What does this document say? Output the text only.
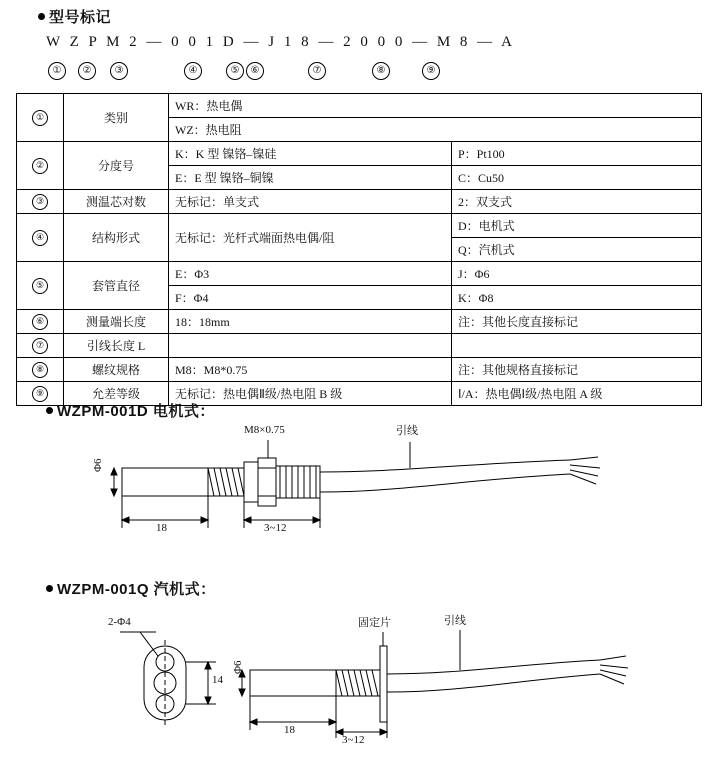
型号标记
W Z P M 2 — 0 0 1 D — J 1 8 — 2 0 0 0 — M 8 — A
①	②	③	④	⑤	⑥	⑦	⑧	⑨
①	类别	WR：热电偶	
		WZ：热电阻	
②	分度号	K：K 型 镍铬–镍硅	P：Pt100
		E：E 型 镍铬–铜镍	C：Cu50
③	测温芯对数	无标记：单支式	2：双支式
④	结构形式	无标记：光杆式端面热电偶/阻	D：电机式
			Q：汽机式
⑤	套管直径	E：Φ3	J：Φ6
		F：Φ4	K：Φ8
⑥	测量端长度	18：18mm	注：其他长度直接标记
⑦	引线长度 L		
⑧	螺纹规格	M8：M8*0.75	注：其他规格直接标记
⑨	允差等级	无标记：热电偶Ⅱ级/热电阻 B 级	Ⅰ/A：热电偶Ⅰ级/热电阻 A 级
WZPM-001D 电机式：
M8×0.75	引线
Φ6
18	3~12
WZPM-001Q 汽机式：
2-Φ4	固定片	引线
Φ6
14
18
3~12
